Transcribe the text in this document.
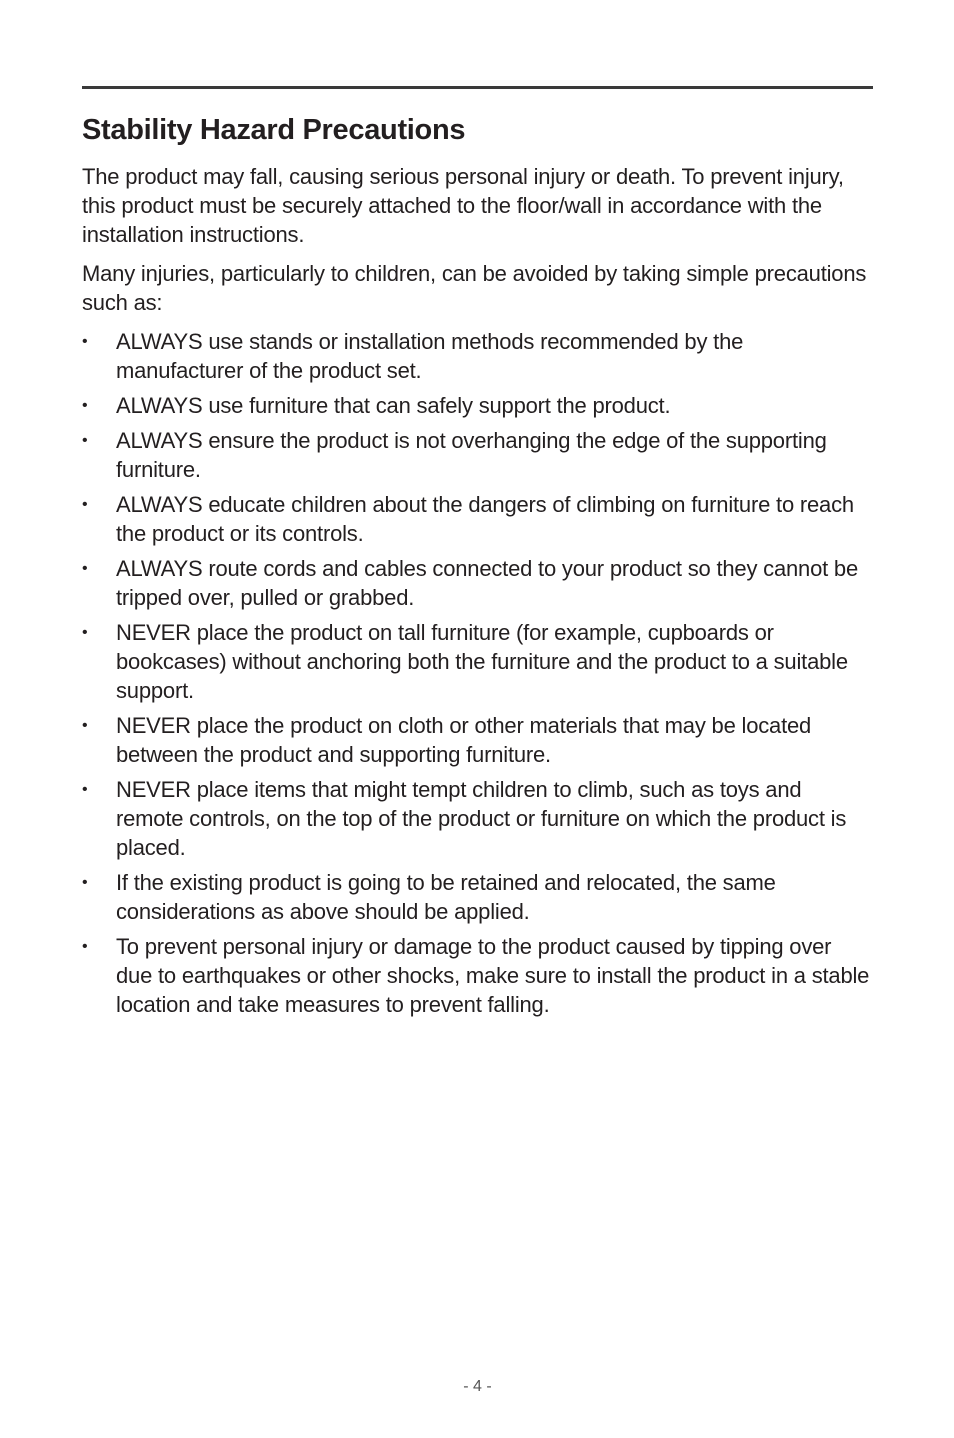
Stability Hazard Precautions

The product may fall, causing serious personal injury or death. To prevent injury, this product must be securely attached to the floor/wall in accordance with the installation instructions.

Many injuries, particularly to children, can be avoided by taking simple precautions such as:

• ALWAYS use stands or installation methods recommended by the manufacturer of the product set.
• ALWAYS use furniture that can safely support the product.
• ALWAYS ensure the product is not overhanging the edge of the supporting furniture.
• ALWAYS educate children about the dangers of climbing on furniture to reach the product or its controls.
• ALWAYS route cords and cables connected to your product so they cannot be tripped over, pulled or grabbed.
• NEVER place the product on tall furniture (for example, cupboards or bookcases) without anchoring both the furniture and the product to a suitable support.
• NEVER place the product on cloth or other materials that may be located between the product and supporting furniture.
• NEVER place items that might tempt children to climb, such as toys and remote controls, on the top of the product or furniture on which the product is placed.
• If the existing product is going to be retained and relocated, the same considerations as above should be applied.
• To prevent personal injury or damage to the product caused by tipping over due to earthquakes or other shocks, make sure to install the product in a stable location and take measures to prevent falling.
- 4 -
